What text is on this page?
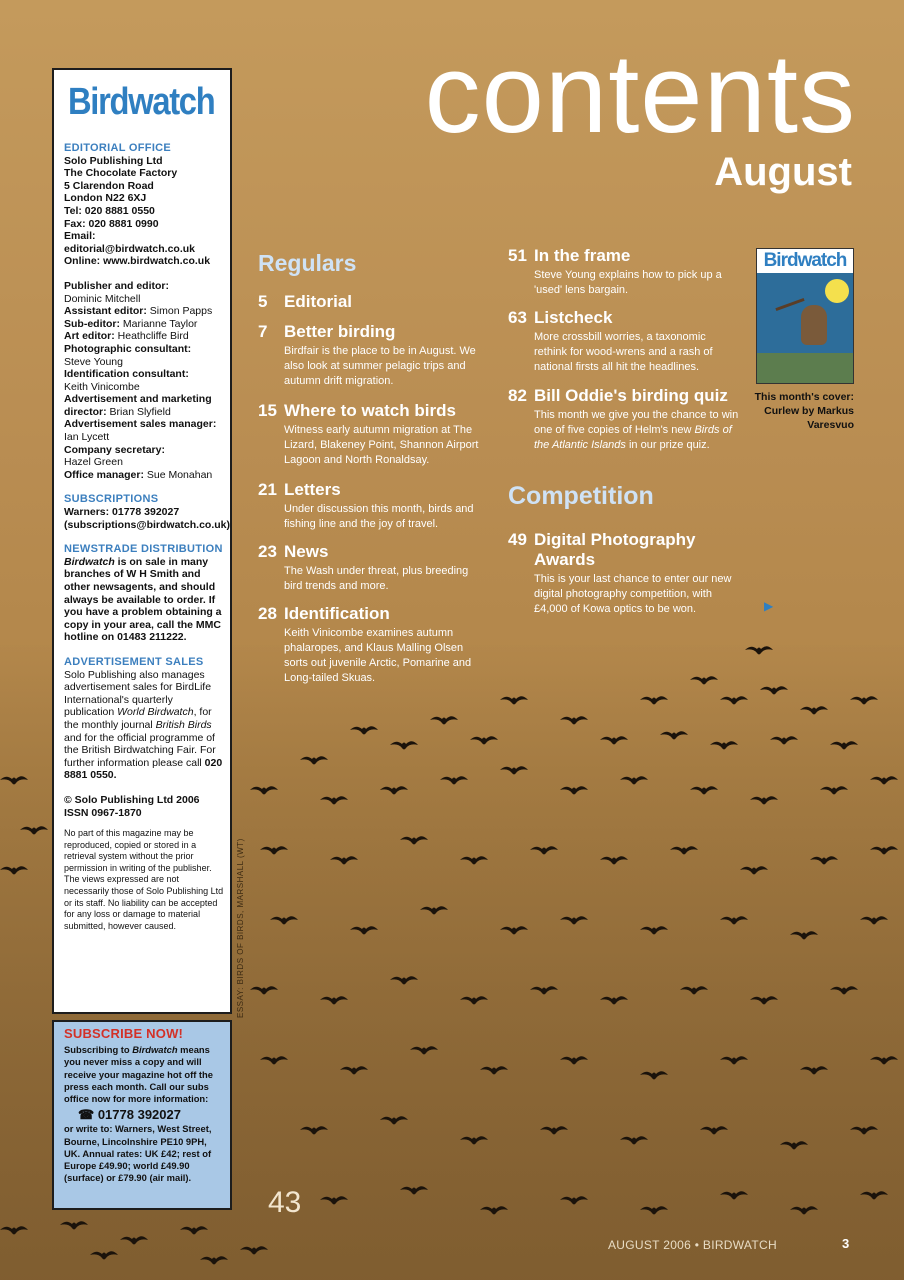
contents
August
Birdwatch

EDITORIAL OFFICE

Solo Publishing Ltd

The Chocolate Factory

5 Clarendon Road

London N22 6XJ

Tel: 020 8881 0550

Fax: 020 8881 0990

Email: editorial@birdwatch.co.uk

Online: www.birdwatch.co.uk

Publisher and editor:
Dominic Mitchell

Assistant editor: Simon Papps

Sub-editor: Marianne Taylor

Art editor: Heathcliffe Bird

Photographic consultant:
Steve Young

Identification consultant:
Keith Vinicombe

Advertisement and marketing director: Brian Slyfield

Advertisement sales manager:
Ian Lycett

Company secretary:
Hazel Green

Office manager: Sue Monahan

SUBSCRIPTIONS

Warners: 01778 392027

(subscriptions@birdwatch.co.uk)

NEWSTRADE DISTRIBUTION

Birdwatch is on sale in many branches of W H Smith and other newsagents, and should always be available to order. If you have a problem obtaining a copy in your area, call the MMC hotline on 01483 211222.

ADVERTISEMENT SALES

Solo Publishing also manages advertisement sales for BirdLife International's quarterly publication World Birdwatch, for the monthly journal British Birds and for the official programme of the British Birdwatching Fair. For further information please call 020 8881 0550.

© Solo Publishing Ltd 2006

ISSN 0967-1870

No part of this magazine may be reproduced, copied or stored in a retrieval system without the prior permission in writing of the publisher. The views expressed are not necessarily those of Solo Publishing Ltd or its staff. No liability can be accepted for any loss or damage to material submitted, however caused.

SUBSCRIBE NOW!

Subscribing to Birdwatch means you never miss a copy and will receive your magazine hot off the press each month. Call our subs office now for more information:

☎ 01778 392027

or write to: Warners, West Street, Bourne, Lincolnshire PE10 9PH, UK. Annual rates: UK £42; rest of Europe £49.90; world £49.90 (surface) or £79.90 (air mail).

Regulars

5 Editorial

7 Better birding

Birdfair is the place to be in August. We also look at summer pelagic trips and autumn drift migration.

15 Where to watch birds

Witness early autumn migration at The Lizard, Blakeney Point, Shannon Airport Lagoon and North Ronaldsay.

21 Letters

Under discussion this month, birds and fishing line and the joy of travel.

23 News

The Wash under threat, plus breeding bird trends and more.

28 Identification

Keith Vinicombe examines autumn phalaropes, and Klaus Malling Olsen sorts out juvenile Arctic, Pomarine and Long-tailed Skuas.

51 In the frame

Steve Young explains how to pick up a 'used' lens bargain.

63 Listcheck

More crossbill worries, a taxonomic rethink for wood-wrens and a rash of national firsts all hit the headlines.

82 Bill Oddie's birding quiz

This month we give you the chance to win one of five copies of Helm's new Birds of the Atlantic Islands in our prize quiz.

Competition

49 Digital Photography

Awards

This is your last chance to enter our new digital photography competition, with £4,000 of Kowa optics to be won.	▶
Birdwatch
This month's cover: Curlew by Markus Varesvuo
ESSAY: BIRDS OF BIRDS, MARSHALL (WT)

43

AUGUST 2006 • BIRDWATCH	3
